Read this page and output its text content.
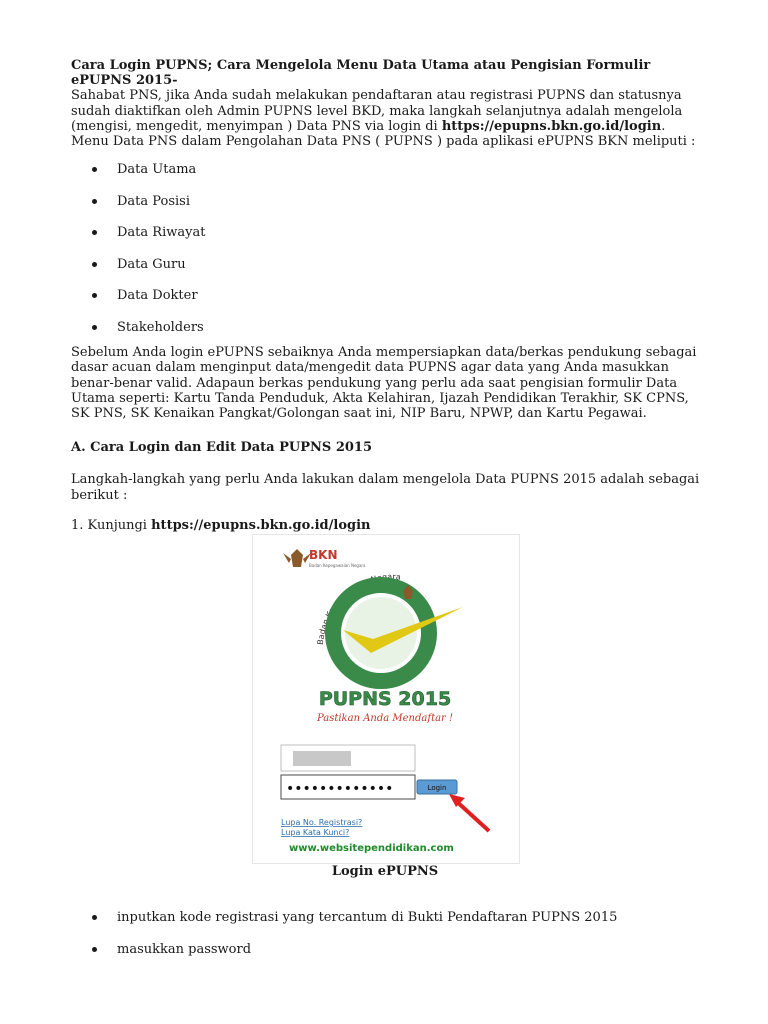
Cara Login PUPNS; Cara Mengelola Menu Data Utama atau Pengisian Formulir ePUPNS 2015-
Sahabat PNS, jika Anda sudah melakukan pendaftaran atau registrasi PUPNS dan statusnya sudah diaktifkan oleh Admin PUPNS level BKD, maka langkah selanjutnya adalah mengelola (mengisi, mengedit, menyimpan ) Data PNS via login di https://epupns.bkn.go.id/login. Menu Data PNS dalam Pengolahan Data PNS ( PUPNS ) pada aplikasi ePUPNS BKN meliputi :

Data Utama
Data Posisi
Data Riwayat
Data Guru
Data Dokter
Stakeholders

Sebelum Anda login ePUPNS sebaiknya Anda mempersiapkan data/berkas pendukung sebagai dasar acuan dalam menginput data/mengedit data PUPNS agar data yang Anda masukkan benar-benar valid. Adapaun berkas pendukung yang perlu ada saat pengisian formulir Data Utama seperti: Kartu Tanda Penduduk, Akta Kelahiran, Ijazah Pendidikan Terakhir, SK CPNS, SK PNS, SK Kenaikan Pangkat/Golongan saat ini, NIP Baru, NPWP, dan Kartu Pegawai.

A. Cara Login dan Edit Data PUPNS 2015

Langkah-langkah yang perlu Anda lakukan dalam mengelola Data PUPNS 2015 adalah sebagai berikut :

1. Kunjungi https://epupns.bkn.go.id/login

BKN
Badan Kepegawaian Negara
Badan Kepegawaian Negara
PUPNS 2015
Pastikan Anda Mendaftar !
•••••••••••••	Login
Lupa No. Registrasi?
Lupa Kata Kunci?
www.websitependidikan.com
Login ePUPNS
inputkan kode registrasi yang tercantum di Bukti Pendaftaran PUPNS 2015
masukkan password
